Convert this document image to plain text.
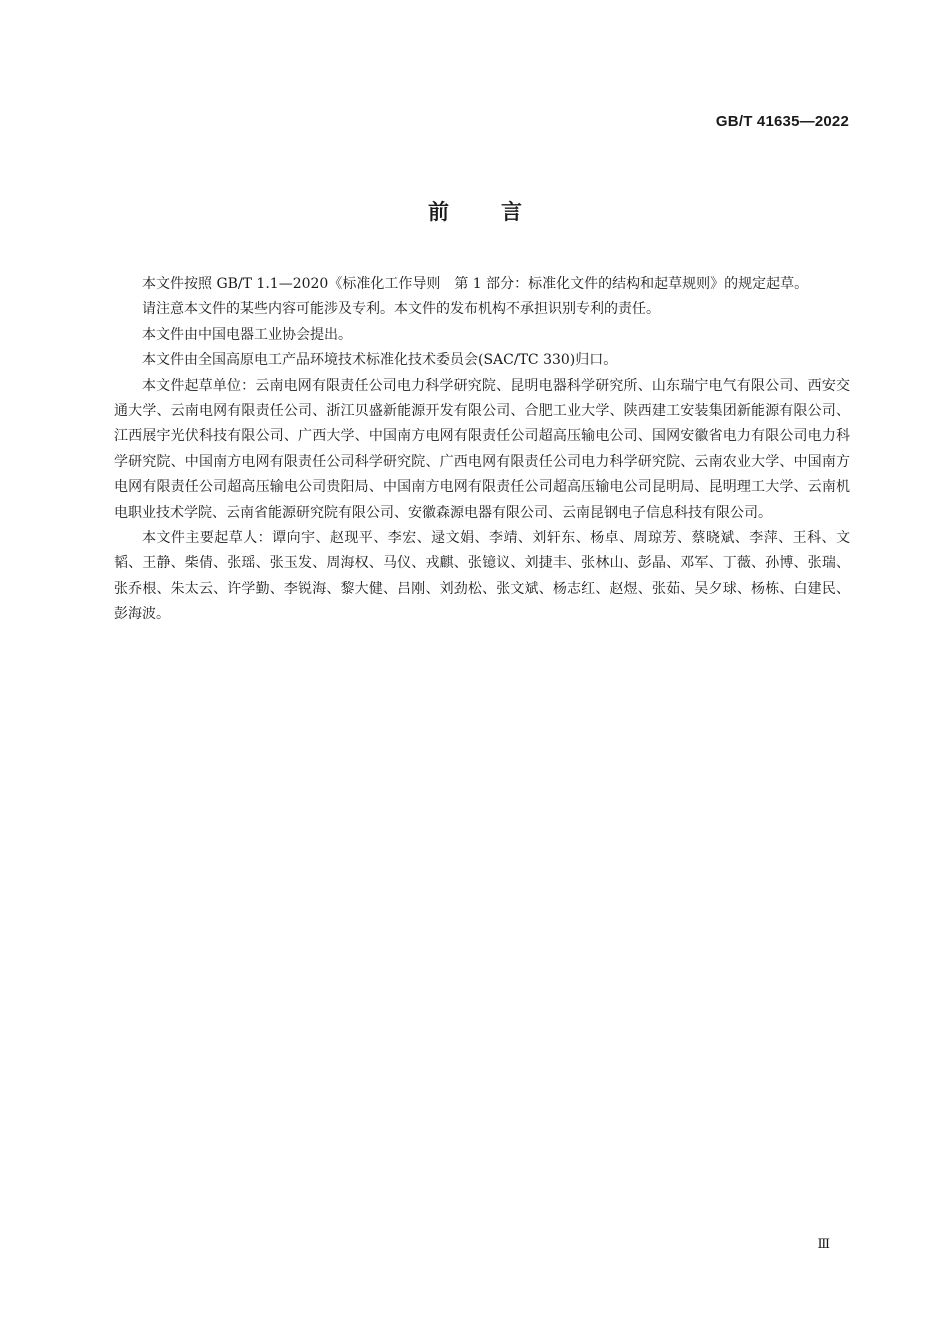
GB/T 41635—2022
前言

本文件按照 GB/T 1.1—2020《标准化工作导则　第 1 部分：标准化文件的结构和起草规则》的规定起草。

请注意本文件的某些内容可能涉及专利。本文件的发布机构不承担识别专利的责任。

本文件由中国电器工业协会提出。

本文件由全国高原电工产品环境技术标准化技术委员会(SAC/TC 330)归口。

本文件起草单位：云南电网有限责任公司电力科学研究院、昆明电器科学研究所、山东瑞宁电气有限公司、西安交通大学、云南电网有限责任公司、浙江贝盛新能源开发有限公司、合肥工业大学、陕西建工安装集团新能源有限公司、江西展宇光伏科技有限公司、广西大学、中国南方电网有限责任公司超高压输电公司、国网安徽省电力有限公司电力科学研究院、中国南方电网有限责任公司科学研究院、广西电网有限责任公司电力科学研究院、云南农业大学、中国南方电网有限责任公司超高压输电公司贵阳局、中国南方电网有限责任公司超高压输电公司昆明局、昆明理工大学、云南机电职业技术学院、云南省能源研究院有限公司、安徽森源电器有限公司、云南昆钢电子信息科技有限公司。

本文件主要起草人：谭向宇、赵现平、李宏、逯文娟、李靖、刘轩东、杨卓、周琼芳、蔡晓斌、李萍、王科、文韬、王静、柴倩、张瑶、张玉发、周海权、马仪、戎麒、张镱议、刘捷丰、张林山、彭晶、邓军、丁薇、孙博、张瑞、张乔根、朱太云、许学勤、李锐海、黎大健、吕刚、刘劲松、张文斌、杨志红、赵煜、张茹、吴夕球、杨栋、白建民、彭海波。

Ⅲ
